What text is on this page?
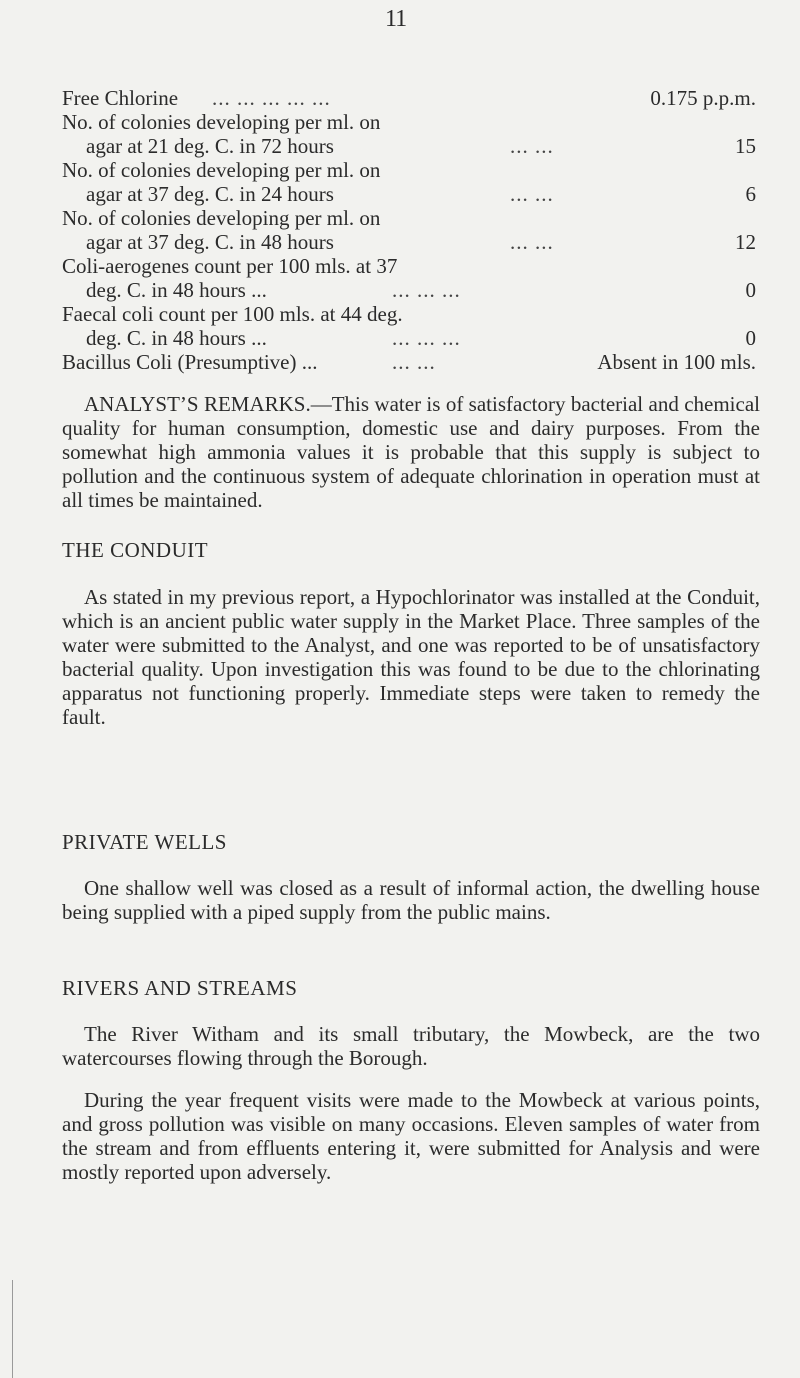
11
Free Chlorine ... ... ... ... ...	0.175 p.p.m.
No. of colonies developing per ml. on
agar at 21 deg. C. in 72 hours	... ...	15
No. of colonies developing per ml. on
agar at 37 deg. C. in 24 hours	... ...	6
No. of colonies developing per ml. on
agar at 37 deg. C. in 48 hours	... ...	12
Coli-aerogenes count per 100 mls. at 37
deg. C. in 48 hours ...	... ... ...	0
Faecal coli count per 100 mls. at 44 deg.
deg. C. in 48 hours ...	... ... ...	0
Bacillus Coli (Presumptive) ...	... ...	Absent in 100 mls.

ANALYST’S REMARKS.—This water is of satisfactory bacterial and chemical quality for human consumption, domestic use and dairy purposes. From the somewhat high ammonia values it is probable that this supply is subject to pollution and the continuous system of adequate chlorination in operation must at all times be maintained.

THE CONDUIT

As stated in my previous report, a Hypochlorinator was installed at the Conduit, which is an ancient public water supply in the Market Place. Three samples of the water were submitted to the Analyst, and one was reported to be of unsatisfactory bacterial quality. Upon investigation this was found to be due to the chlorinating apparatus not functioning properly. Immediate steps were taken to remedy the fault.

PRIVATE WELLS

One shallow well was closed as a result of informal action, the dwelling house being supplied with a piped supply from the public mains.

RIVERS AND STREAMS

The River Witham and its small tributary, the Mowbeck, are the two watercourses flowing through the Borough.

During the year frequent visits were made to the Mowbeck at various points, and gross pollution was visible on many occasions. Eleven samples of water from the stream and from effluents entering it, were submitted for Analysis and were mostly reported upon adversely.
